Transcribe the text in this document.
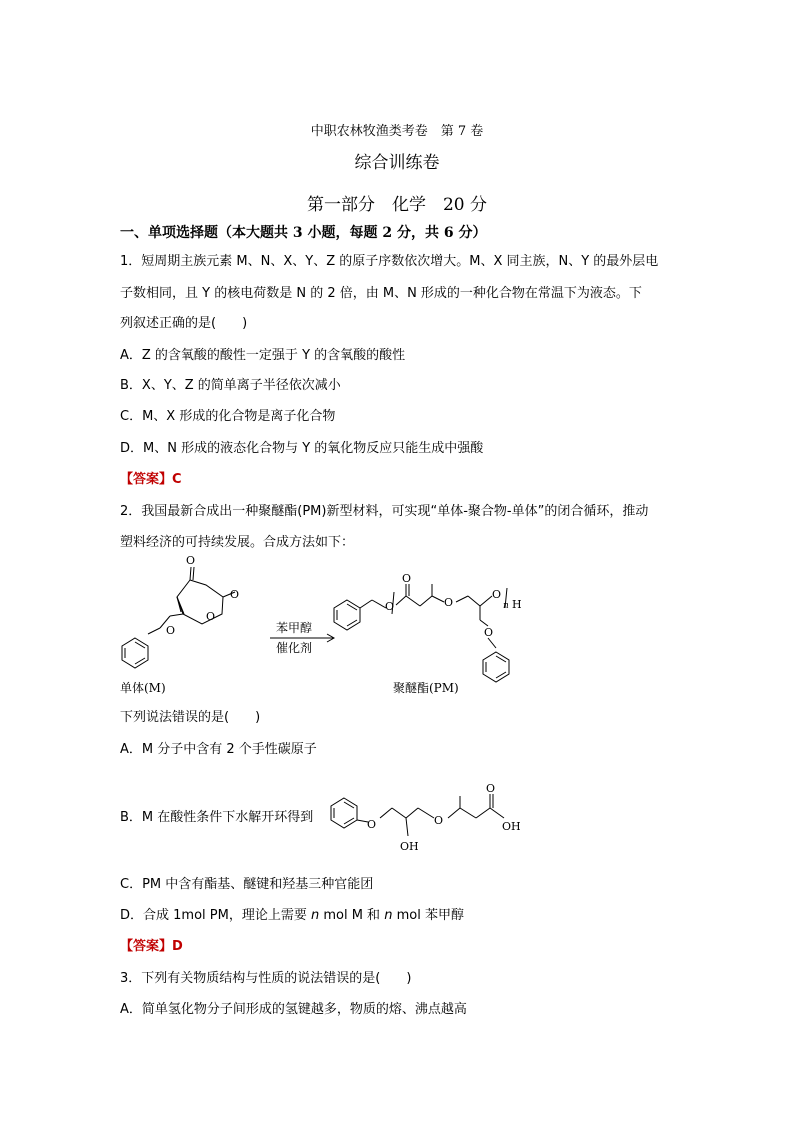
中职农林牧渔类考卷　第 7 卷
综合训练卷
第一部分　化学　20 分
一、单项选择题（本大题共 3 小题，每题 2 分，共 6 分）
1．短周期主族元素 M、N、X、Y、Z 的原子序数依次增大。M、X 同主族，N、Y 的最外层电
子数相同，且 Y 的核电荷数是 N 的 2 倍，由 M、N 形成的一种化合物在常温下为液态。下
列叙述正确的是(　　)
A．Z 的含氧酸的酸性一定强于 Y 的含氧酸的酸性
B．X、Y、Z 的简单离子半径依次减小
C．M、X 形成的化合物是离子化合物
D．M、N 形成的液态化合物与 Y 的氧化物反应只能生成中强酸
【答案】C
2．我国最新合成出一种聚醚酯(PM)新型材料，可实现“单体-聚合物-单体”的闭合循环，推动
塑料经济的可持续发展。合成方法如下：
O
O
O
O
O
O
O
O
n H
O
苯甲醇
催化剂
单体(M)	聚醚酯(PM)
下列说法错误的是(　　)
A．M 分子中含有 2 个手性碳原子
B．M 在酸性条件下水解开环得到	O	O
O
OH
OH
C．PM 中含有酯基、醚键和羟基三种官能团
D．合成 1mol PM，理论上需要 n mol M 和 n mol 苯甲醇
【答案】D
3．下列有关物质结构与性质的说法错误的是(　　)
A．简单氢化物分子间形成的氢键越多，物质的熔、沸点越高
